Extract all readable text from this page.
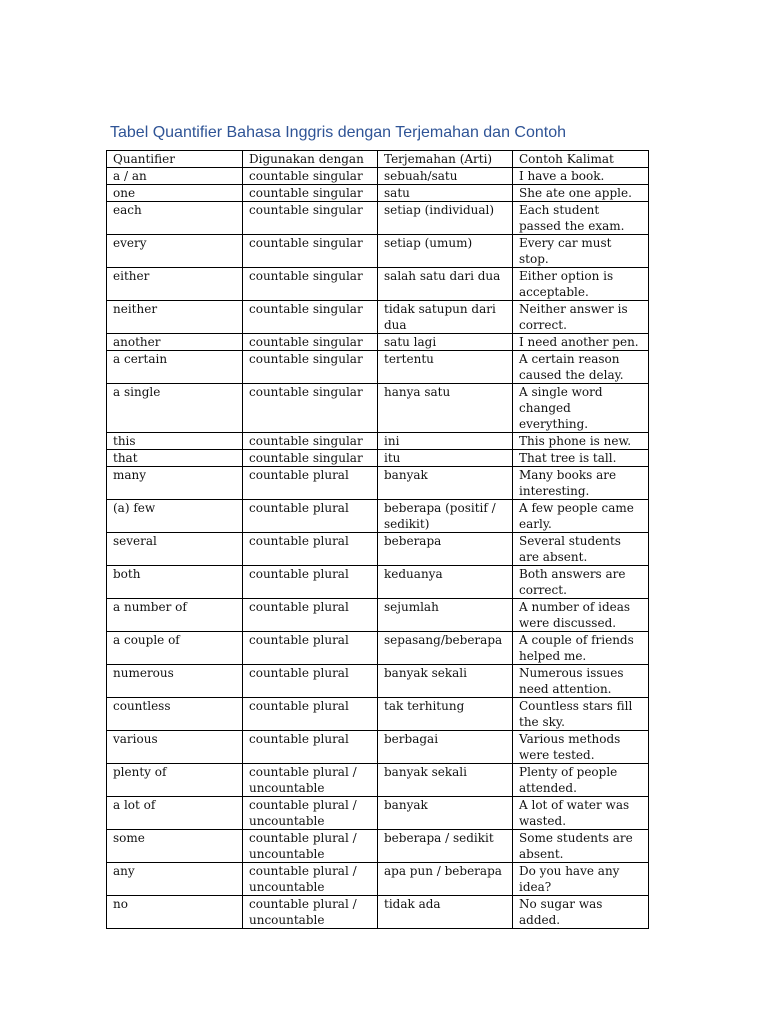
Tabel Quantifier Bahasa Inggris dengan Terjemahan dan Contoh
Quantifier	Digunakan dengan	Terjemahan (Arti)	Contoh Kalimat
a / an	countable singular	sebuah/satu	I have a book.
one	countable singular	satu	She ate one apple.
each	countable singular	setiap (individual)	Each student passed the exam.
every	countable singular	setiap (umum)	Every car must stop.
either	countable singular	salah satu dari dua	Either option is acceptable.
neither	countable singular	tidak satupun dari dua	Neither answer is correct.
another	countable singular	satu lagi	I need another pen.
a certain	countable singular	tertentu	A certain reason caused the delay.
a single	countable singular	hanya satu	A single word changed everything.
this	countable singular	ini	This phone is new.
that	countable singular	itu	That tree is tall.
many	countable plural	banyak	Many books are interesting.
(a) few	countable plural	beberapa (positif / sedikit)	A few people came early.
several	countable plural	beberapa	Several students are absent.
both	countable plural	keduanya	Both answers are correct.
a number of	countable plural	sejumlah	A number of ideas were discussed.
a couple of	countable plural	sepasang/beberapa	A couple of friends helped me.
numerous	countable plural	banyak sekali	Numerous issues need attention.
countless	countable plural	tak terhitung	Countless stars fill the sky.
various	countable plural	berbagai	Various methods were tested.
plenty of	countable plural / uncountable	banyak sekali	Plenty of people attended.
a lot of	countable plural / uncountable	banyak	A lot of water was wasted.
some	countable plural / uncountable	beberapa / sedikit	Some students are absent.
any	countable plural / uncountable	apa pun / beberapa	Do you have any idea?
no	countable plural / uncountable	tidak ada	No sugar was added.
